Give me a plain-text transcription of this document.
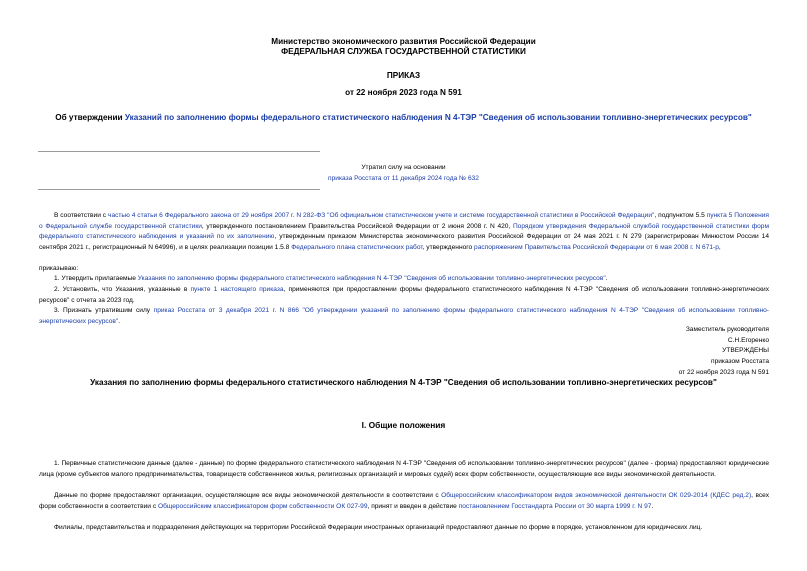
Министерство экономического развития Российской Федерации
ФЕДЕРАЛЬНАЯ СЛУЖБА ГОСУДАРСТВЕННОЙ СТАТИСТИКИ
ПРИКАЗ
от 22 ноября 2023 года N 591
Об утверждении Указаний по заполнению формы федерального статистического наблюдения N 4-ТЭР "Сведения об использовании топливно-энергетических ресурсов"
Утратил силу на основании
приказа Росстата от 11 декабря 2024 года № 632
В соответствии с частью 4 статьи 6 Федерального закона от 29 ноября 2007 г. N 282-ФЗ "Об официальном статистическом учете и системе государственной статистики в Российской Федерации", подпунктом 5.5 пункта 5 Положения о Федеральной службе государственной статистики, утвержденного постановлением Правительства Российской Федерации от 2 июня 2008 г. N 420, Порядком утверждения Федеральной службой государственной статистики форм федерального статистического наблюдения и указаний по их заполнению, утвержденным приказом Министерства экономического развития Российской Федерации от 24 мая 2021 г. N 279 (зарегистрирован Минюстом России 14 сентября 2021 г., регистрационный N 64996), и в целях реализации позиции 1.5.8 Федерального плана статистических работ, утвержденного распоряжением Правительства Российской Федерации от 6 мая 2008 г. N 671-р,
приказываю:
1. Утвердить прилагаемые Указания по заполнению формы федерального статистического наблюдения N 4-ТЭР "Сведения об использовании топливно-энергетических ресурсов".
2. Установить, что Указания, указанные в пункте 1 настоящего приказа, применяются при предоставлении формы федерального статистического наблюдения N 4-ТЭР "Сведения об использовании топливно-энергетических ресурсов" с отчета за 2023 год.
3. Признать утратившим силу приказ Росстата от 3 декабря 2021 г. N 866 "Об утверждении указаний по заполнению формы федерального статистического наблюдения N 4-ТЭР "Сведения об использовании топливно-энергетических ресурсов".
Заместитель руководителя
С.Н.Егоренко
УТВЕРЖДЕНЫ
приказом Росстата
от 22 ноября 2023 года N 591
Указания по заполнению формы федерального статистического наблюдения N 4-ТЭР "Сведения об использовании топливно-энергетических ресурсов"
I. Общие положения
1. Первичные статистические данные (далее - данные) по форме федерального статистического наблюдения N 4-ТЭР "Сведения об использовании топливно-энергетических ресурсов" (далее - форма) предоставляют юридические лица (кроме субъектов малого предпринимательства, товариществ собственников жилья, религиозных организаций и мировых судей) всех форм собственности, осуществляющие все виды экономической деятельности.
Данные по форме предоставляют организации, осуществляющие все виды экономической деятельности в соответствии с Общероссийским классификатором видов экономической деятельности ОК 029-2014 (КДЕС ред.2), всех форм собственности в соответствии с Общероссийским классификатором форм собственности ОК 027-99, принят и введен в действие постановлением Госстандарта России от 30 марта 1999 г. N 97.
Филиалы, представительства и подразделения действующих на территории Российской Федерации иностранных организаций предоставляют данные по форме в порядке, установленном для юридических лиц.
